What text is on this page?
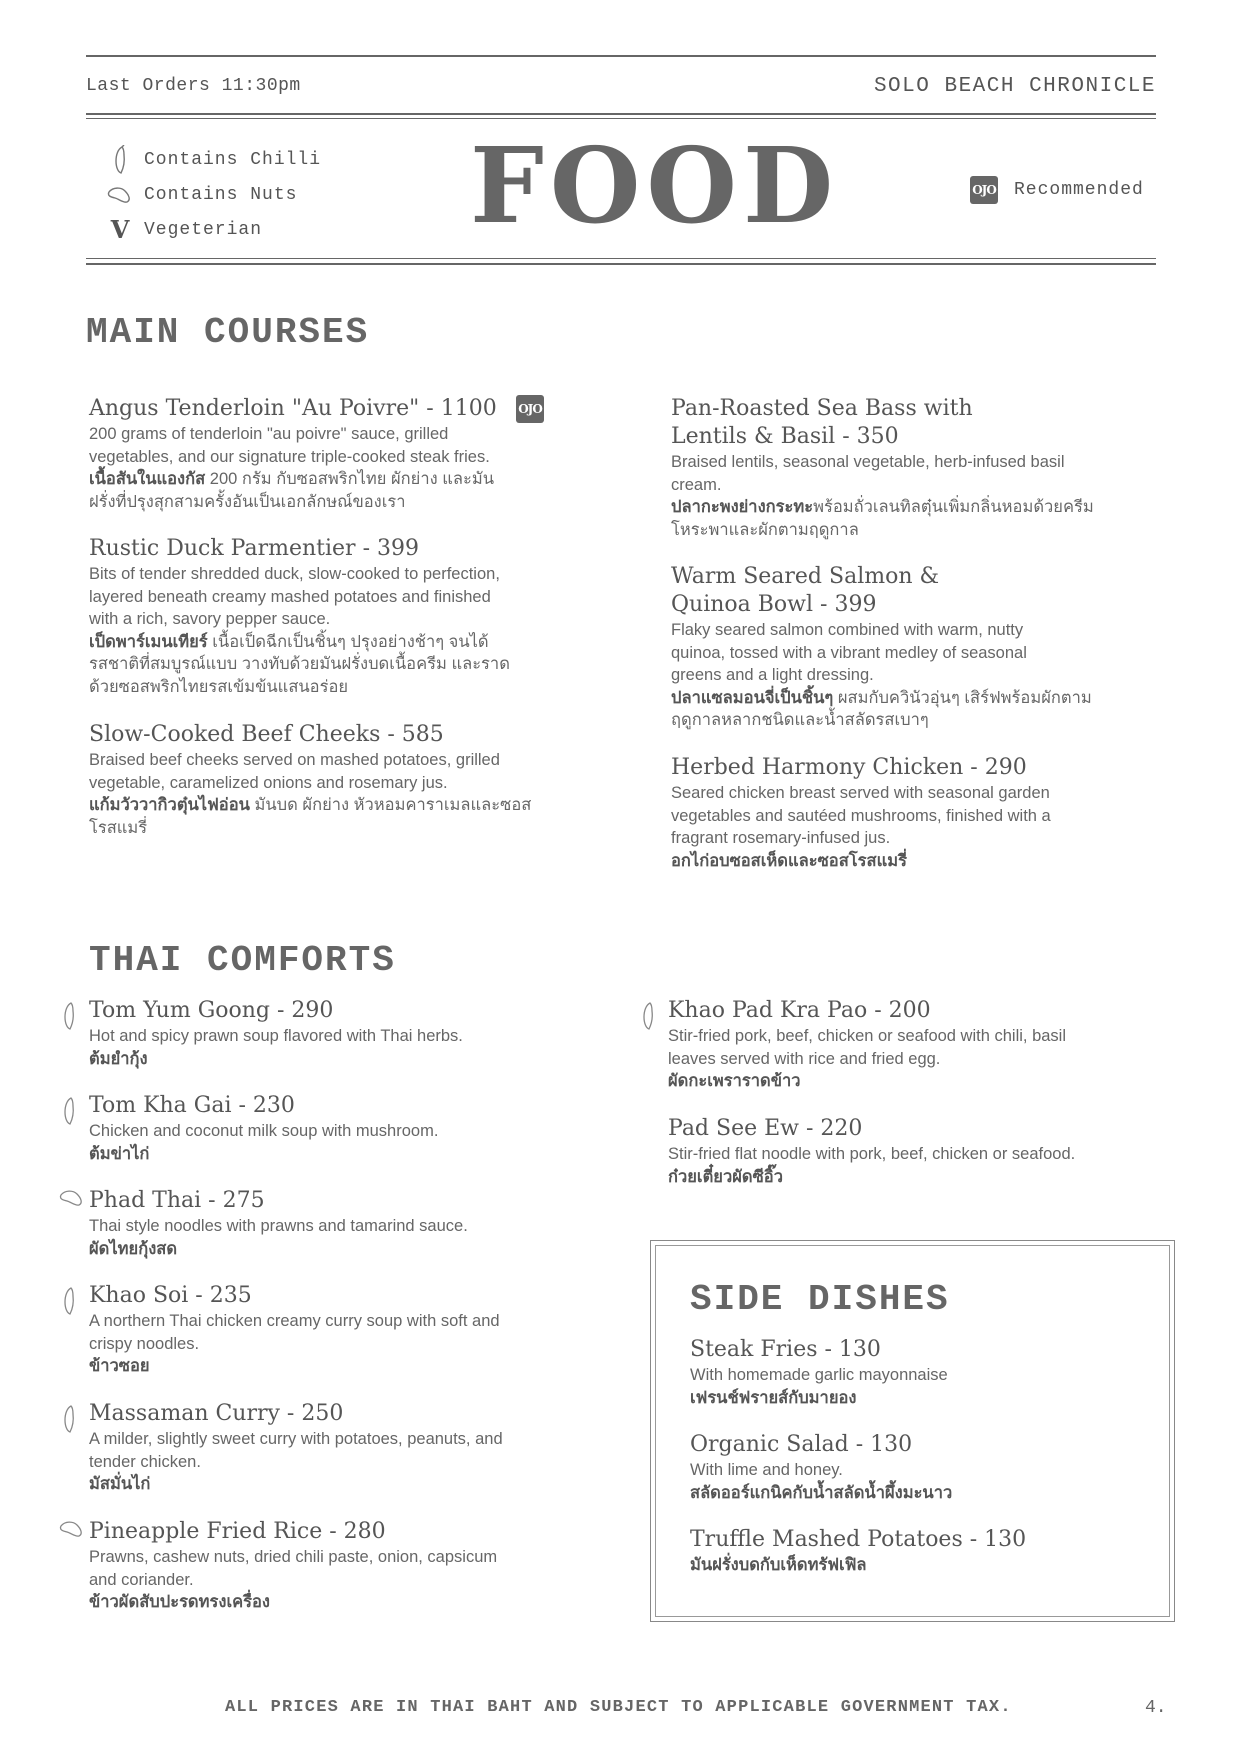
Last Orders 11:30pm	SOLO BEACH CHRONICLE
Contains Chilli
Contains Nuts
V Vegeterian FOOD	OJO Recommended
MAIN COURSES
Angus Tenderloin "Au Poivre" - 1100	OJO
200 grams of tenderloin "au poivre" sauce, grilled
vegetables, and our signature triple-cooked steak fries.
เนื้อสันในแองกัส 200 กรัม กับซอสพริกไทย ผักย่าง และมัน
ฝรั่งที่ปรุงสุกสามครั้งอันเป็นเอกลักษณ์ของเรา
Rustic Duck Parmentier - 399
Bits of tender shredded duck, slow-cooked to perfection,
layered beneath creamy mashed potatoes and finished
with a rich, savory pepper sauce.
เป็ดพาร์เมนเทียร์ เนื้อเป็ดฉีกเป็นชิ้นๆ ปรุงอย่างช้าๆ จนได้
รสชาติที่สมบูรณ์แบบ วางทับด้วยมันฝรั่งบดเนื้อครีม และราด
ด้วยซอสพริกไทยรสเข้มข้นแสนอร่อย
Slow-Cooked Beef Cheeks - 585
Braised beef cheeks served on mashed potatoes, grilled
vegetable, caramelized onions and rosemary jus.
แก้มวัววากิวตุ๋นไฟอ่อน มันบด ผักย่าง หัวหอมคาราเมลและซอส
โรสแมรี่
Pan-Roasted Sea Bass with
Lentils & Basil - 350
Braised lentils, seasonal vegetable, herb-infused basil
cream.
ปลากะพงย่างกระทะพร้อมถั่วเลนทิลตุ๋นเพิ่มกลิ่นหอมด้วยครีม
โหระพาและผักตามฤดูกาล
Warm Seared Salmon &
Quinoa Bowl - 399
Flaky seared salmon combined with warm, nutty
quinoa, tossed with a vibrant medley of seasonal
greens and a light dressing.
ปลาแซลมอนจี่เป็นชิ้นๆ ผสมกับควินัวอุ่นๆ เสิร์ฟพร้อมผักตาม
ฤดูกาลหลากชนิดและน้ำสลัดรสเบาๆ
Herbed Harmony Chicken - 290
Seared chicken breast served with seasonal garden
vegetables and sautéed mushrooms, finished with a
fragrant rosemary-infused jus.
อกไก่อบซอสเห็ดและซอสโรสแมรี่
THAI COMFORTS
Tom Yum Goong - 290
Hot and spicy prawn soup flavored with Thai herbs.
ต้มยำกุ้ง
Tom Kha Gai - 230
Chicken and coconut milk soup with mushroom.
ต้มข่าไก่
Phad Thai - 275
Thai style noodles with prawns and tamarind sauce.
ผัดไทยกุ้งสด
Khao Soi - 235
A northern Thai chicken creamy curry soup with soft and
crispy noodles.
ข้าวซอย
Massaman Curry - 250
A milder, slightly sweet curry with potatoes, peanuts, and
tender chicken.
มัสมั่นไก่
Pineapple Fried Rice - 280
Prawns, cashew nuts, dried chili paste, onion, capsicum
and coriander.
ข้าวผัดสับปะรดทรงเครื่อง
Khao Pad Kra Pao - 200
Stir-fried pork, beef, chicken or seafood with chili, basil
leaves served with rice and fried egg.
ผัดกะเพราราดข้าว
Pad See Ew - 220
Stir-fried flat noodle with pork, beef, chicken or seafood.
ก๋วยเตี๋ยวผัดซีอิ๊ว
SIDE DISHES
Steak Fries - 130
With homemade garlic mayonnaise
เฟรนช์ฟรายส์กับมายอง
Organic Salad - 130
With lime and honey.
สลัดออร์แกนิคกับน้ำสลัดน้ำผึ้งมะนาว
Truffle Mashed Potatoes - 130
มันฝรั่งบดกับเห็ดทรัฟเฟิล
ALL PRICES ARE IN THAI BAHT AND SUBJECT TO APPLICABLE GOVERNMENT TAX.	4.
